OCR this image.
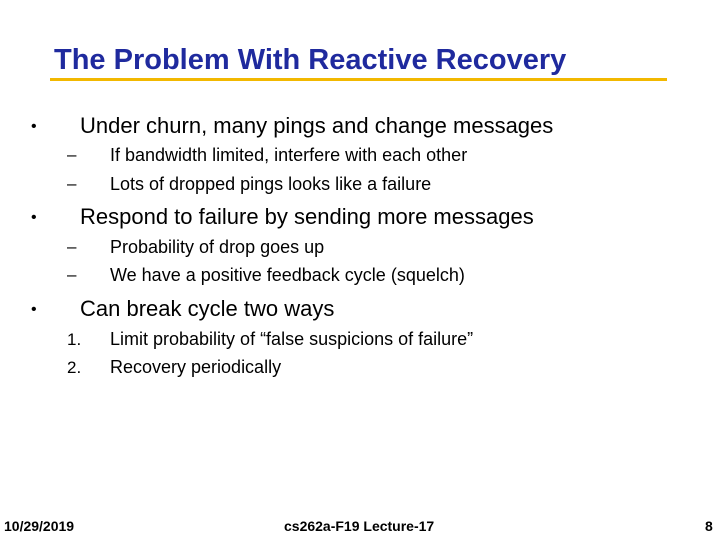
The Problem With Reactive Recovery
• Under churn, many pings and change messages
– If bandwidth limited, interfere with each other
– Lots of dropped pings looks like a failure
• Respond to failure by sending more messages
– Probability of drop goes up
– We have a positive feedback cycle (squelch)
• Can break cycle two ways
1. Limit probability of “false suspicions of failure”
2. Recovery periodically
10/29/2019	cs262a-F19 Lecture-17	8
